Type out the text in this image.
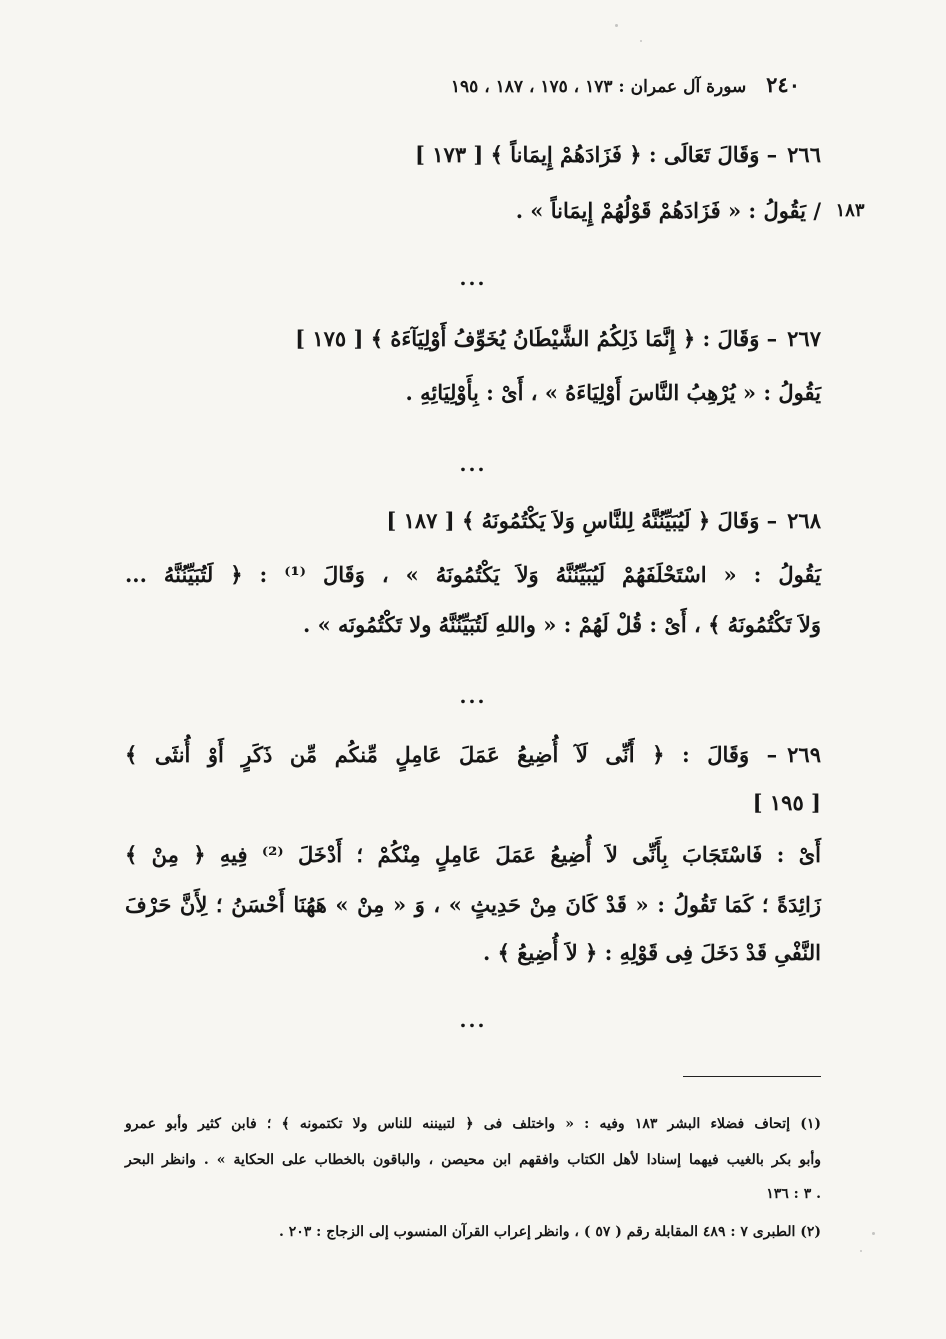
٢٤٠ سورة آل عمران : ١٧٣ ، ١٧٥ ، ١٨٧ ، ١٩٥
١٨٣
٢٦٦– وَقَالَ تَعَالَى : ﴿ فَزَادَهُمْ إِيمَاناً ﴾ [ ١٧٣ ]
/ يَقُولُ : « فَزَادَهُمْ قَوْلُهُمْ إِيمَاناً » .
...
٢٦٧– وَقَالَ : ﴿ إِنَّمَا ذَلِكُمُ الشَّيْطَانُ يُخَوِّفُ أَوْلِيَآءَهُ ﴾ [ ١٧٥ ]
يَقُولُ : « يُرْهِبُ النَّاسَ أَوْلِيَاءَهُ » ، أَىْ : بِأَوْلِيَائِهِ .
...
٢٦٨– وَقَالَ ﴿ لَيُبَيِّنُنَّهُ لِلنَّاسِ وَلاَ يَكْتُمُونَهُ ﴾ [ ١٨٧ ]
يَقُولُ : « اسْتَحْلَفَهُمْ لَيُبَيِّنُنَّهُ وَلاَ يَكْتُمُونَهُ » ، وَقَالَ ⁽¹⁾ : ﴿ لَتُبَيِّنُنَّهُ ...
وَلاَ تَكْتُمُونَهُ ﴾ ، أَىْ : قُلْ لَهُمْ : « واللهِ لَتُبَيِّنُنَّهُ ولا تَكْتُمُونَه » .
...
٢٦٩– وَقَالَ : ﴿ أَنِّى لَآ أُضِيعُ عَمَلَ عَامِلٍ مِّنكُم مِّن ذَكَرٍ أَوْ أُنثَى ﴾
[ ١٩٥ ]
أَىْ : فَاسْتَجَابَ بِأَنِّى لاَ أُضِيعُ عَمَلَ عَامِلٍ مِنْكُمْ ؛ أَدْخَلَ ⁽²⁾ فِيهِ ﴿ مِنْ ﴾
زَائِدَةً ؛ كَمَا تَقُولُ : « قَدْ كَانَ مِنْ حَدِيثٍ » ، وَ « مِنْ » هَهُنَا أَحْسَنُ ؛ لِأَنَّ حَرْفَ
النَّفْىِ قَدْ دَخَلَ فِى قَوْلِهِ : ﴿ لاَ أُضِيعُ ﴾ .
...
(١) إتحاف فضلاء البشر ١٨٣ وفيه : « واختلف فى ﴿ لتبيننه للناس ولا تكتمونه ﴾ ؛ فابن كثير وأبو عمرو
وأبو بكر بالغيب فيهما إسنادا لأهل الكتاب وافقهم ابن محيصن ، والباقون بالخطاب على الحكاية » . وانظر البحر
٣ : ١٣٦ .
(٢) الطبرى ٧ : ٤٨٩ المقابلة رقم ( ٥٧ ) ، وانظر إعراب القرآن المنسوب إلى الزجاج : ٢٠٣ .
